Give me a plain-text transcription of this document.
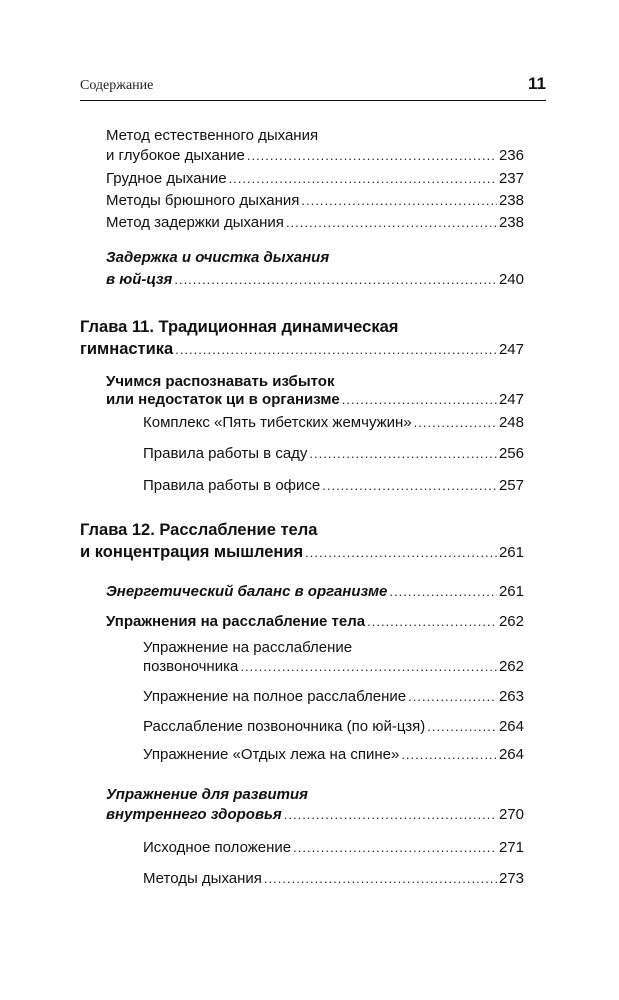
Содержание	11
Метод естественного дыхания
и глубокое дыхание .....	236
Грудное дыхание .....	237
Методы брюшного дыхания .....	238
Метод задержки дыхания .....	238
Задержка и очистка дыхания
в юй-цзя .....	240
Глава 11. Традиционная динамическая
гимнастика .....	247
Учимся распознавать избыток
или недостаток ци в организме .....	247
Комплекс «Пять тибетских жемчужин» .....	248
Правила работы в саду .....	256
Правила работы в офисе .....	257
Глава 12. Расслабление тела
и концентрация мышления .....	261
Энергетический баланс в организме .....	261
Упражнения на расслабление тела .....	262
Упражнение на расслабление
позвоночника .....	262
Упражнение на полное расслабление .....	263
Расслабление позвоночника (по юй-цзя) .....	264
Упражнение «Отдых лежа на спине» .....	264
Упражнение для развития
внутреннего здоровья .....	270
Исходное положение .....	271
Методы дыхания .....	273
